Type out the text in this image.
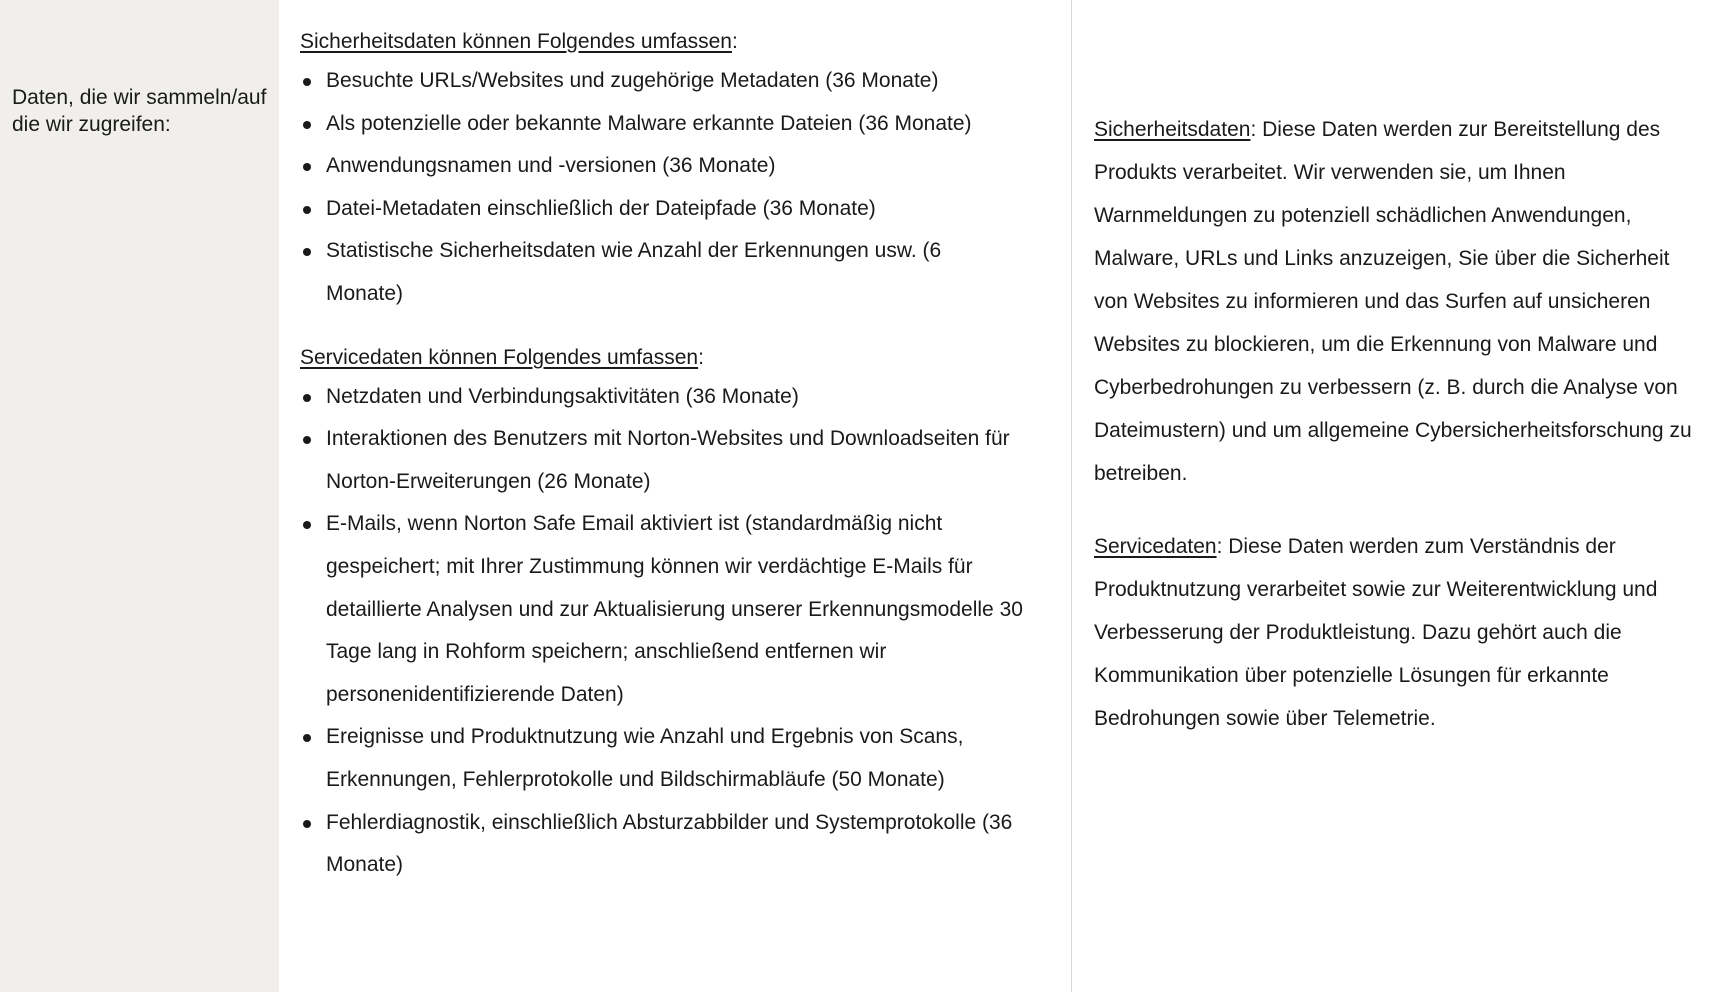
Daten, die wir sammeln/auf die wir zugreifen:

Sicherheitsdaten können Folgendes umfassen:

Besuchte URLs/Websites und zugehörige Metadaten (36 Monate)
Als potenzielle oder bekannte Malware erkannte Dateien (36 Monate)
Anwendungsnamen und -versionen (36 Monate)
Datei-Metadaten einschließlich der Dateipfade (36 Monate)
Statistische Sicherheitsdaten wie Anzahl der Erkennungen usw. (6 Monate)

Servicedaten können Folgendes umfassen:

Netzdaten und Verbindungsaktivitäten (36 Monate)
Interaktionen des Benutzers mit Norton-Websites und Downloadseiten für Norton-Erweiterungen (26 Monate)
E-Mails, wenn Norton Safe Email aktiviert ist (standardmäßig nicht gespeichert; mit Ihrer Zustimmung können wir verdächtige E-Mails für detaillierte Analysen und zur Aktualisierung unserer Erkennungsmodelle 30 Tage lang in Rohform speichern; anschließend entfernen wir personenidentifizierende Daten)
Ereignisse und Produktnutzung wie Anzahl und Ergebnis von Scans, Erkennungen, Fehlerprotokolle und Bildschirmabläufe (50 Monate)
Fehlerdiagnostik, einschließlich Absturzabbilder und Systemprotokolle (36 Monate)

Sicherheitsdaten: Diese Daten werden zur Bereitstellung des Produkts verarbeitet. Wir verwenden sie, um Ihnen Warnmeldungen zu potenziell schädlichen Anwendungen, Malware, URLs und Links anzuzeigen, Sie über die Sicherheit von Websites zu informieren und das Surfen auf unsicheren Websites zu blockieren, um die Erkennung von Malware und Cyberbedrohungen zu verbessern (z. B. durch die Analyse von Dateimustern) und um allgemeine Cybersicherheitsforschung zu betreiben.

Servicedaten: Diese Daten werden zum Verständnis der Produktnutzung verarbeitet sowie zur Weiterentwicklung und Verbesserung der Produktleistung. Dazu gehört auch die Kommunikation über potenzielle Lösungen für erkannte Bedrohungen sowie über Telemetrie.
